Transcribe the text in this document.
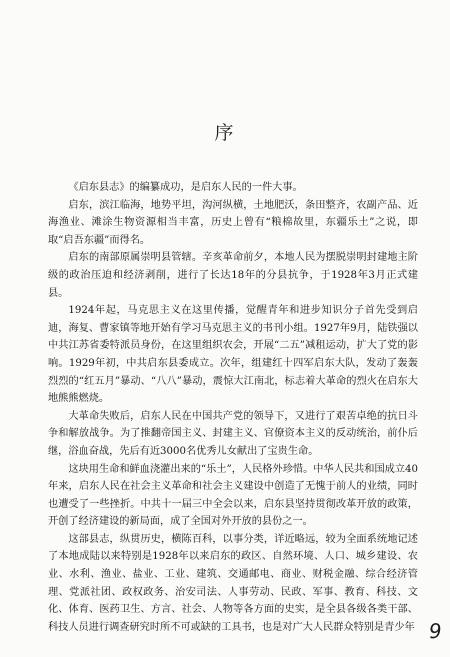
序

《启东县志》的编纂成功，是启东人民的一件大事。

启东，滨江临海，地势平坦，沟河纵横，土地肥沃，条田整齐，农副产品、近海渔业、滩涂生物资源相当丰富，历史上曾有“粮棉故里，东疆乐土”之说，即取“启吾东疆”而得名。

启东的南部原属崇明县管辖。辛亥革命前夕，本地人民为摆脱崇明封建地主阶级的政治压迫和经济剥削，进行了长达18年的分县抗争，于1928年3月正式建县。

1924年起，马克思主义在这里传播，觉醒青年和进步知识分子首先受到启迪，海复、曹家镇等地开始有学习马克思主义的书刊小组。1927年9月，陆铁强以中共江苏省委特派员身份，在这里组织农会，开展“二五”减租运动，扩大了党的影响。1929年初，中共启东县委成立。次年，组建红十四军启东大队，发动了轰轰烈烈的“红五月”暴动、“八八”暴动，震惊大江南北，标志着大革命的烈火在启东大地熊熊燃烧。

大革命失败后，启东人民在中国共产党的领导下，又进行了艰苦卓绝的抗日斗争和解放战争。为了推翻帝国主义、封建主义、官僚资本主义的反动统治，前仆后继，浴血奋战，先后有近3000名优秀儿女献出了宝贵生命。

这块用生命和鲜血浇灌出来的“乐土”，人民格外珍惜。中华人民共和国成立40年来，启东人民在社会主义革命和社会主义建设中创造了无愧于前人的业绩，同时也遭受了一些挫折。中共十一届三中全会以来，启东县坚持贯彻改革开放的政策，开创了经济建设的新局面，成了全国对外开放的县份之一。

这部县志，纵贯历史，横陈百科，以事分类，详近略远，较为全面系统地记述了本地成陆以来特别是1928年以来启东的政区、自然环境、人口、城乡建设、农业、水利、渔业、盐业、工业、建筑、交通邮电、商业、财税金融、综合经济管理、党派社团、政权政务、治安司法、人事劳动、民政、军事、教育、科技、文化、体育、医药卫生、方言、社会、人物等各方面的史实，是全县各级各类干部、科技人员进行调查研究时所不可或缺的工具书，也是对广大人民群众特别是青少年 9
